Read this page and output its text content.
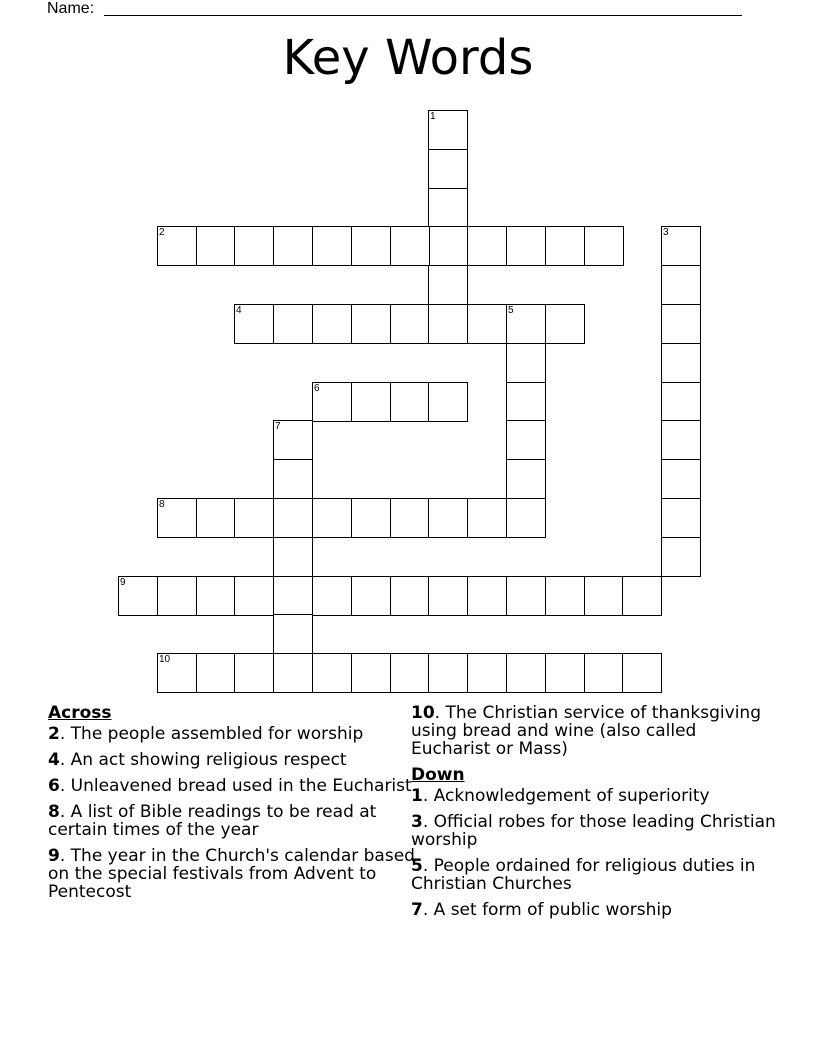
Name:
Key Words
1
2	3
4	5
6
7
8
9
10
Across
2. The people assembled for worship
4. An act showing religious respect
6. Unleavened bread used in the Eucharist
8. A list of Bible readings to be read at certain times of the year
9. The year in the Church's calendar based on the special festivals from Advent to Pentecost
10. The Christian service of thanksgiving using bread and wine (also called Eucharist or Mass)
Down
1. Acknowledgement of superiority
3. Official robes for those leading Christian worship
5. People ordained for religious duties in Christian Churches
7. A set form of public worship
